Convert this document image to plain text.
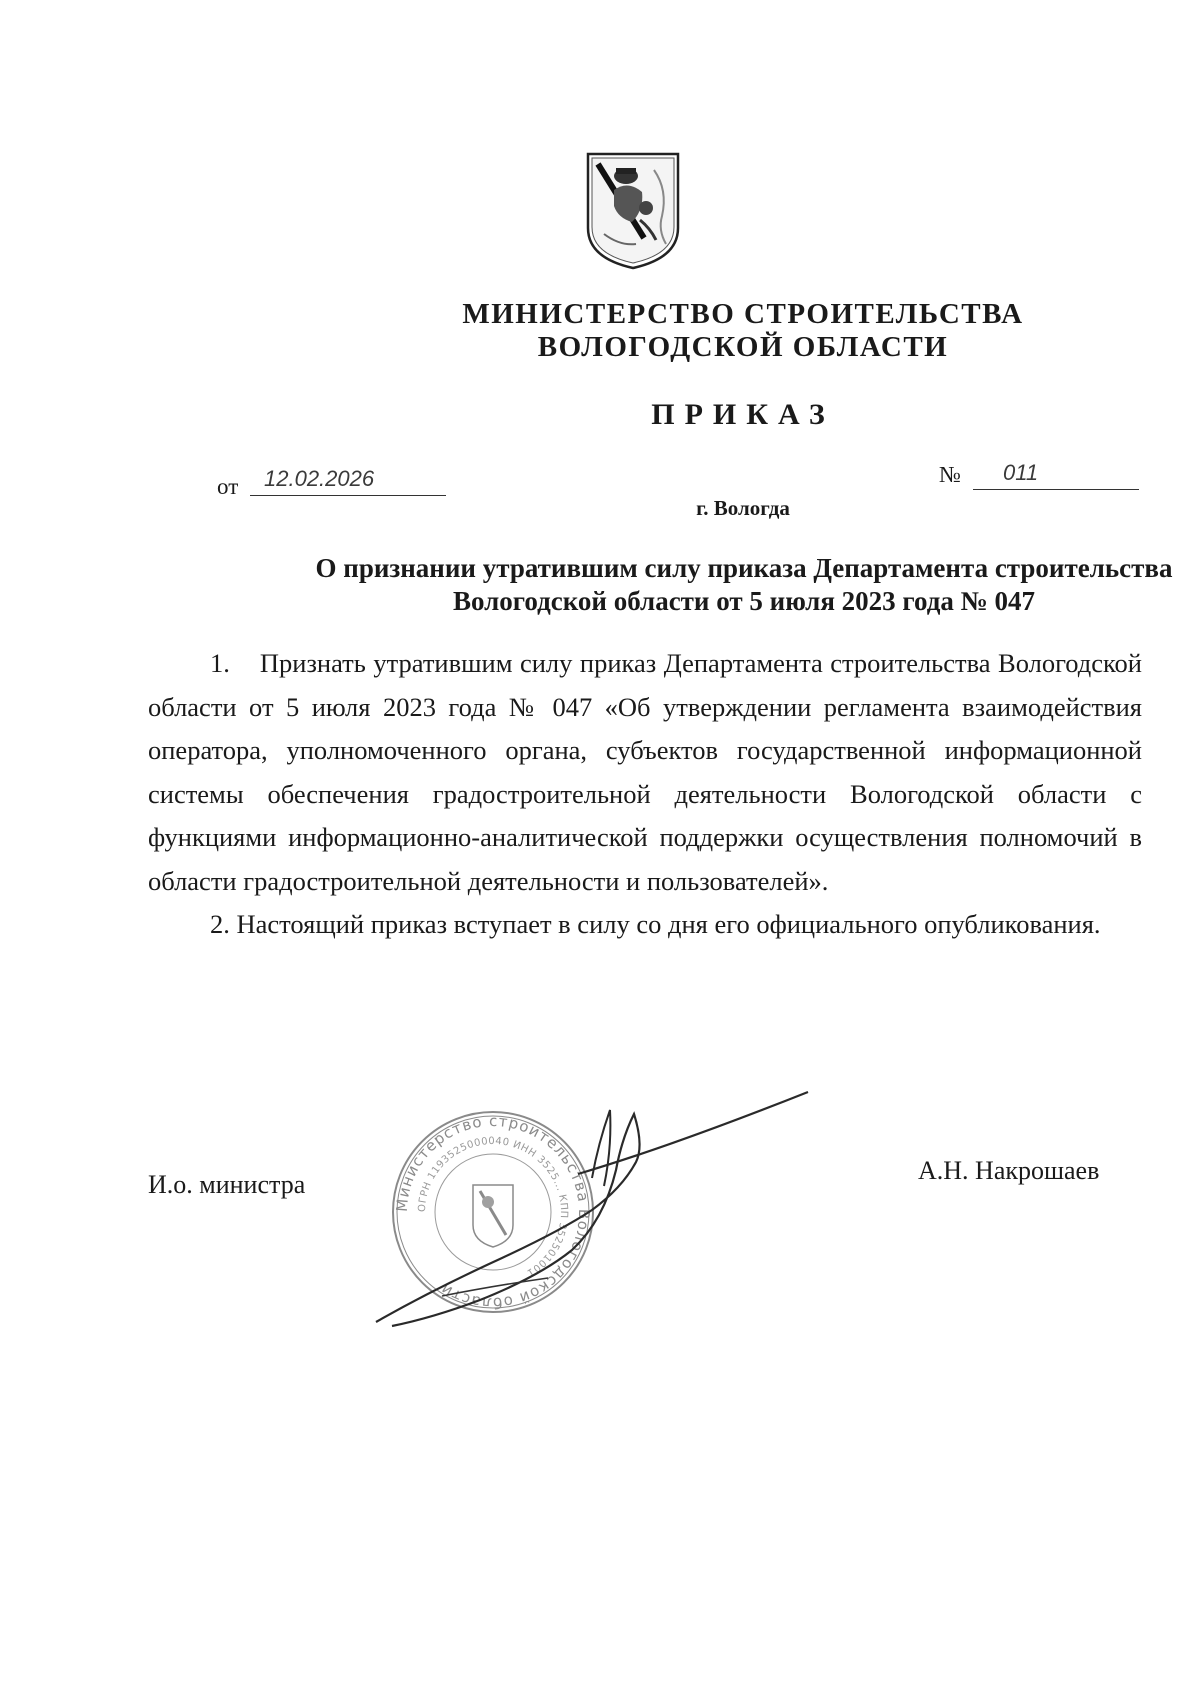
МИНИСТЕРСТВО СТРОИТЕЛЬСТВА
ВОЛОГОДСКОЙ ОБЛАСТИ
ПРИКАЗ
от	12.02.2026	№	011
г. Вологда
О признании утратившим силу приказа Департамента строительства
Вологодской области от 5 июля 2023 года № 047

1.    Признать утратившим силу приказ Департамента строительства Вологодской области от 5 июля 2023 года № 047 «Об утверждении регламента взаимодействия оператора, уполномоченного органа, субъектов государственной информационной системы обеспечения градостроительной деятельности Вологодской области с функциями информационно-аналитической поддержки осуществления полномочий в области градостроительной деятельности и пользователей».

2. Настоящий приказ вступает в силу со дня его официального опубликования.

И.о. министра	А.Н. Накрошаев
Министерство строительства Вологодской области
ОГРН 1193525000040 ИНН 3525... КПП 352501001
